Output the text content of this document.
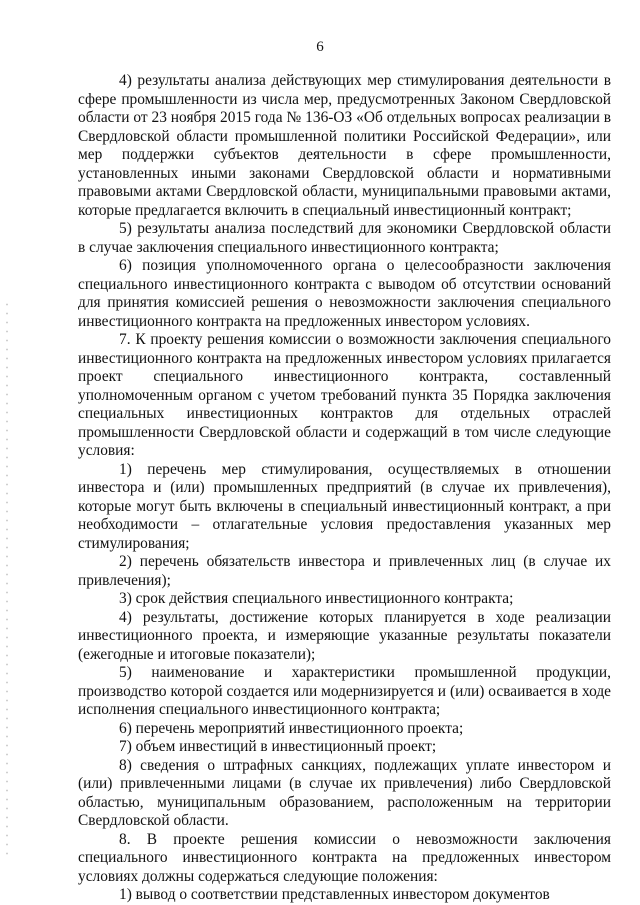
6

4) результаты анализа действующих мер стимулирования деятельности в сфере промышленности из числа мер, предусмотренных Законом Свердловской области от 23 ноября 2015 года № 136-ОЗ «Об отдельных вопросах реализации в Свердловской области промышленной политики Российской Федерации», или мер поддержки субъектов деятельности в сфере промышленности, установленных иными законами Свердловской области и нормативными правовыми актами Свердловской области, муниципальными правовыми актами, которые предлагается включить в специальный инвестиционный контракт;

5) результаты анализа последствий для экономики Свердловской области в случае заключения специального инвестиционного контракта;

6) позиция уполномоченного органа о целесообразности заключения специального инвестиционного контракта с выводом об отсутствии оснований для принятия комиссией решения о невозможности заключения специального инвестиционного контракта на предложенных инвестором условиях.

7. К проекту решения комиссии о возможности заключения специального инвестиционного контракта на предложенных инвестором условиях прилагается проект специального инвестиционного контракта, составленный уполномоченным органом с учетом требований пункта 35 Порядка заключения специальных инвестиционных контрактов для отдельных отраслей промышленности Свердловской области и содержащий в том числе следующие условия:

1) перечень мер стимулирования, осуществляемых в отношении инвестора и (или) промышленных предприятий (в случае их привлечения), которые могут быть включены в специальный инвестиционный контракт, а при необходимости – отлагательные условия предоставления указанных мер стимулирования;

2) перечень обязательств инвестора и привлеченных лиц (в случае их привлечения);

3) срок действия специального инвестиционного контракта;

4) результаты, достижение которых планируется в ходе реализации инвестиционного проекта, и измеряющие указанные результаты показатели (ежегодные и итоговые показатели);

5) наименование и характеристики промышленной продукции, производство которой создается или модернизируется и (или) осваивается в ходе исполнения специального инвестиционного контракта;

6) перечень мероприятий инвестиционного проекта;

7) объем инвестиций в инвестиционный проект;

8) сведения о штрафных санкциях, подлежащих уплате инвестором и (или) привлеченными лицами (в случае их привлечения) либо Свердловской областью, муниципальным образованием, расположенным на территории Свердловской области.

8. В проекте решения комиссии о невозможности заключения специального инвестиционного контракта на предложенных инвестором условиях должны содержаться следующие положения:

1) вывод о соответствии представленных инвестором документов
